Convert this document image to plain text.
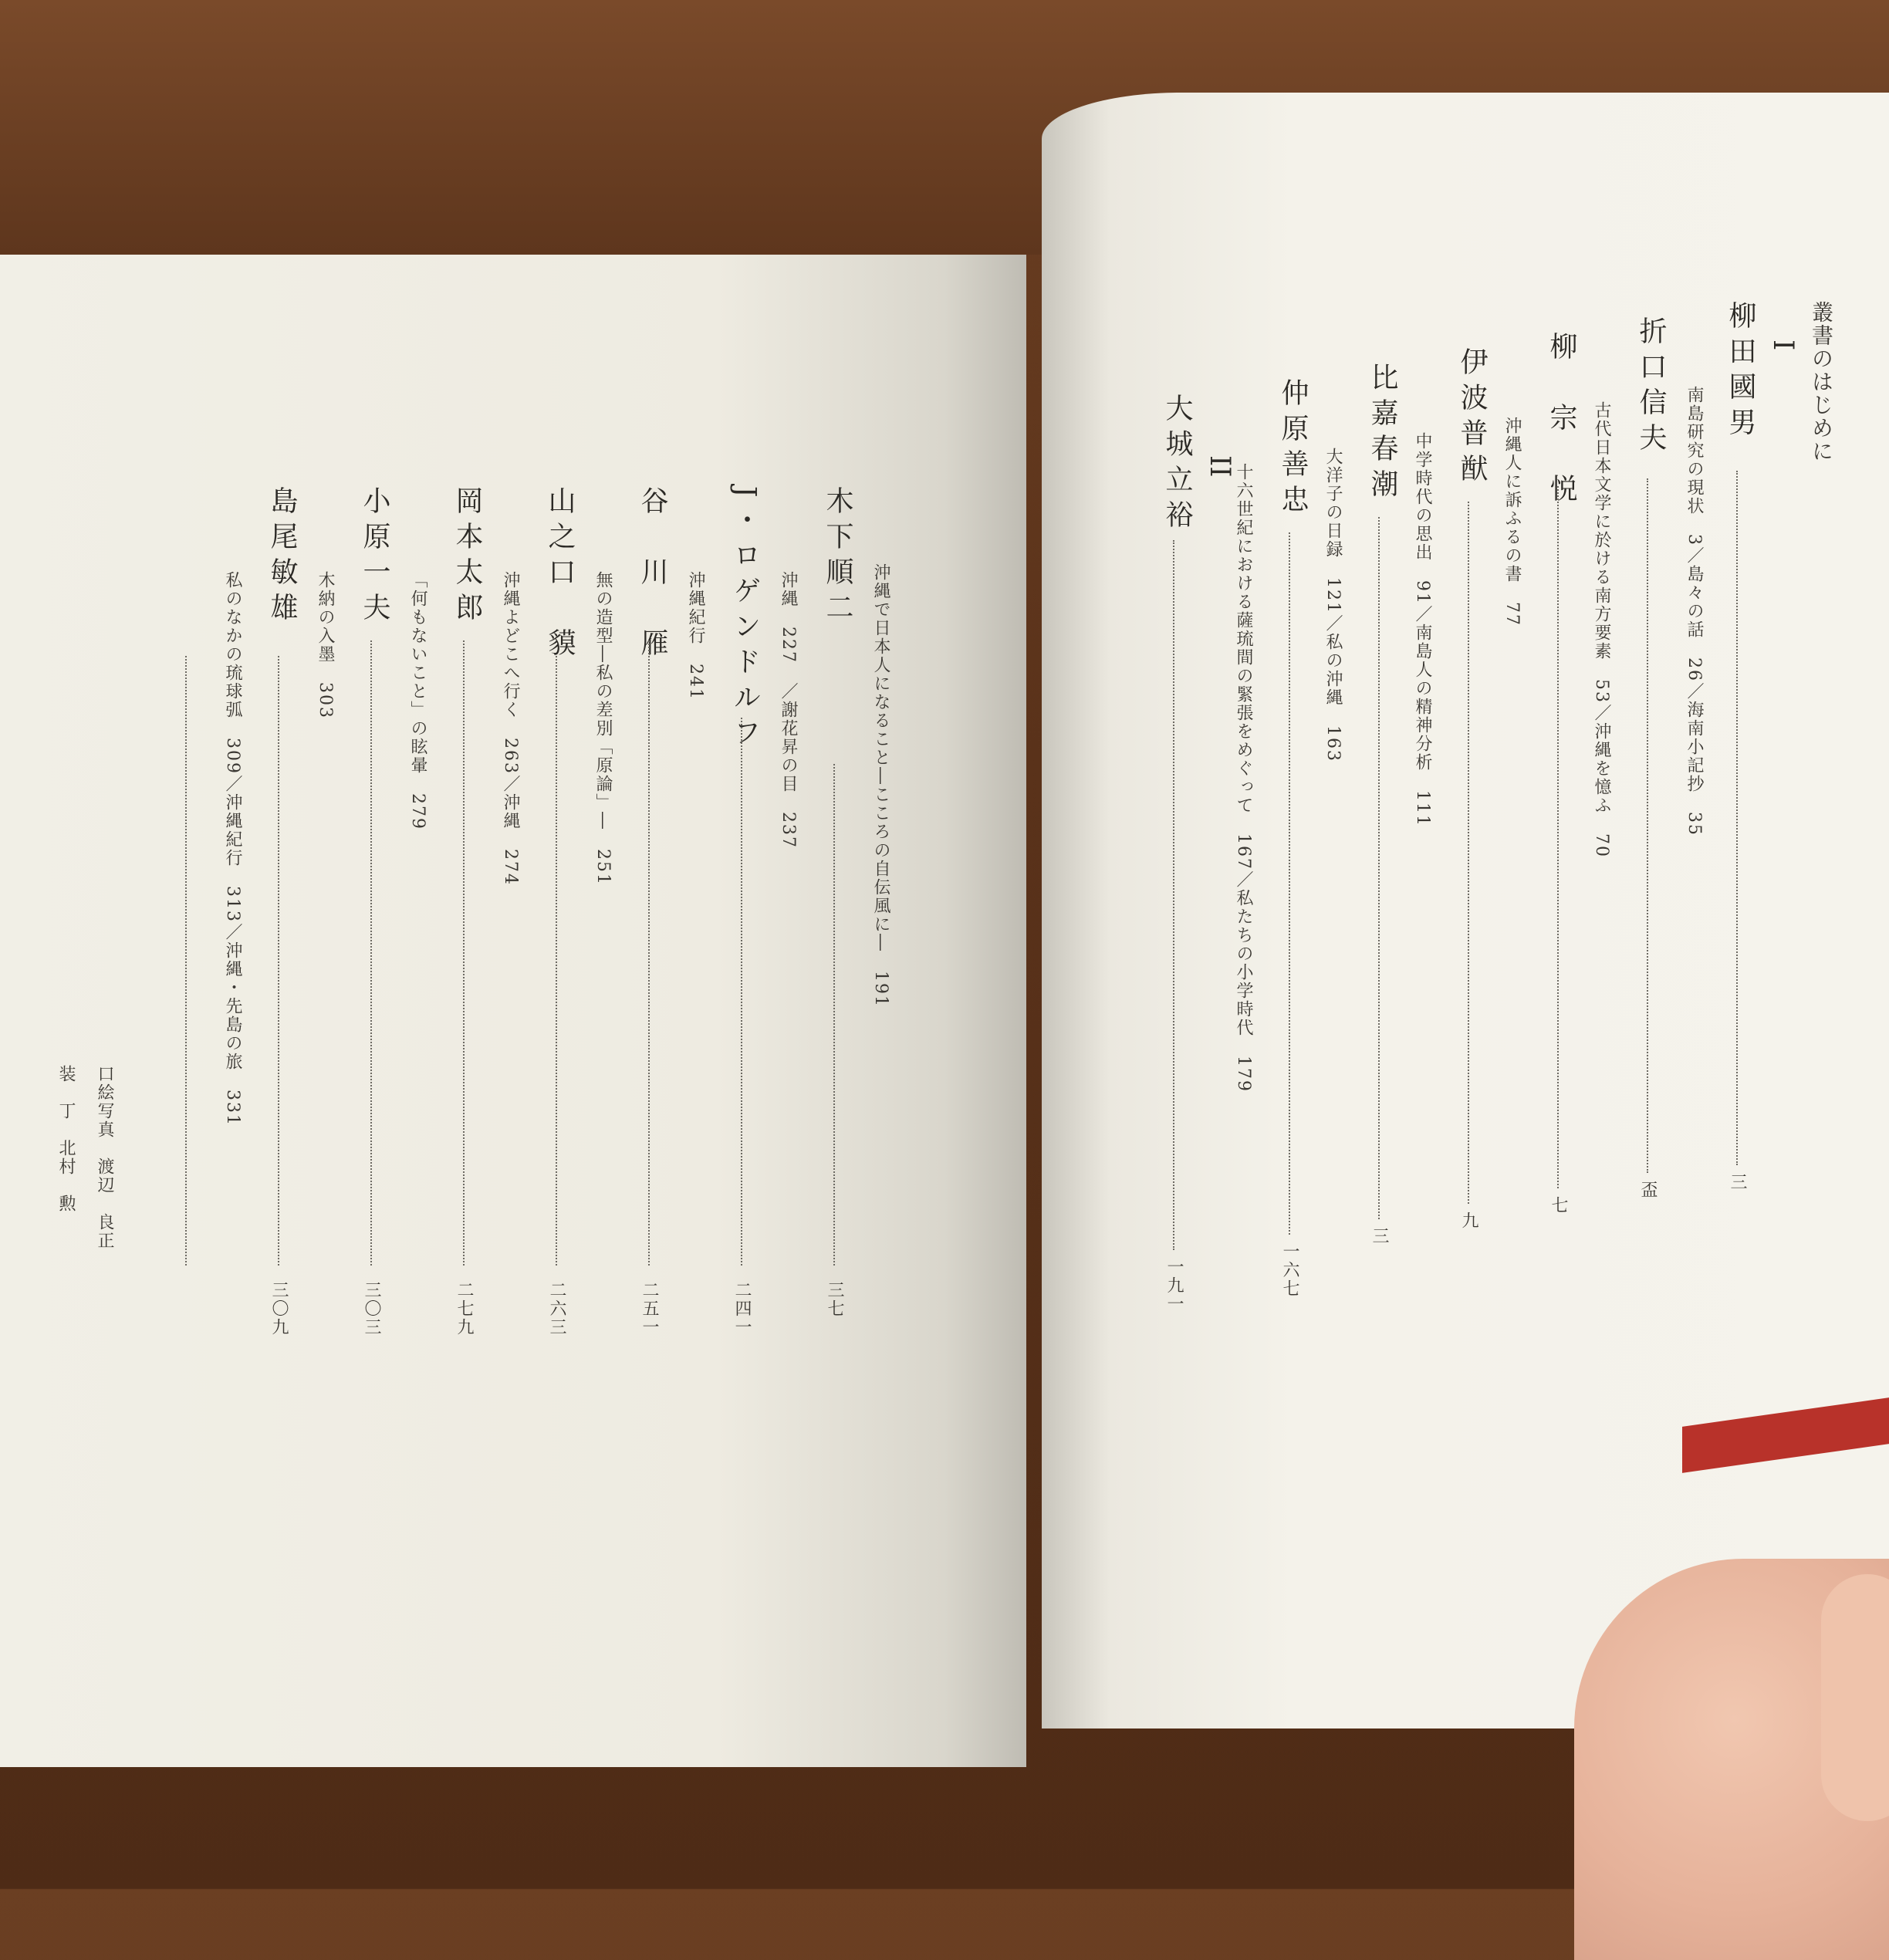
沖縄で日本人になること―こころの自伝風に―　191
木下順二
沖縄　227　／謝花昇の目　237
三七
J・ロゲンドルフ
沖縄紀行　241
二四一
谷　川　雁
無の造型―私の差別「原論」―　251
二五一
山之口　貘
沖縄よどこへ行く　263／沖縄　274
二六三
岡本太郎
「何もないこと」の眩暈　279
二七九
小原一夫
木納の入墨　303
三〇三
島尾敏雄
私のなかの琉球弧　309／沖縄紀行　313／沖縄・先島の旅　331
三〇九
口絵写真　渡辺　良正
装　丁　北村　勲
叢書のはじめに
I
柳田國男
南島研究の現状　3／島々の話　26／海南小記抄　35
三
折口信夫
古代日本文学に於ける南方要素　53／沖縄を憶ふ　70
盃
柳　宗　悦
沖縄人に訴ふるの書　77
七
伊波普猷
中学時代の思出　91／南島人の精神分析　111
九
比嘉春潮
大洋子の日録　121／私の沖縄　163
三
仲原善忠
十六世紀における薩琉間の緊張をめぐって　167／私たちの小学時代　179
一六七
II
大城立裕
一九一
